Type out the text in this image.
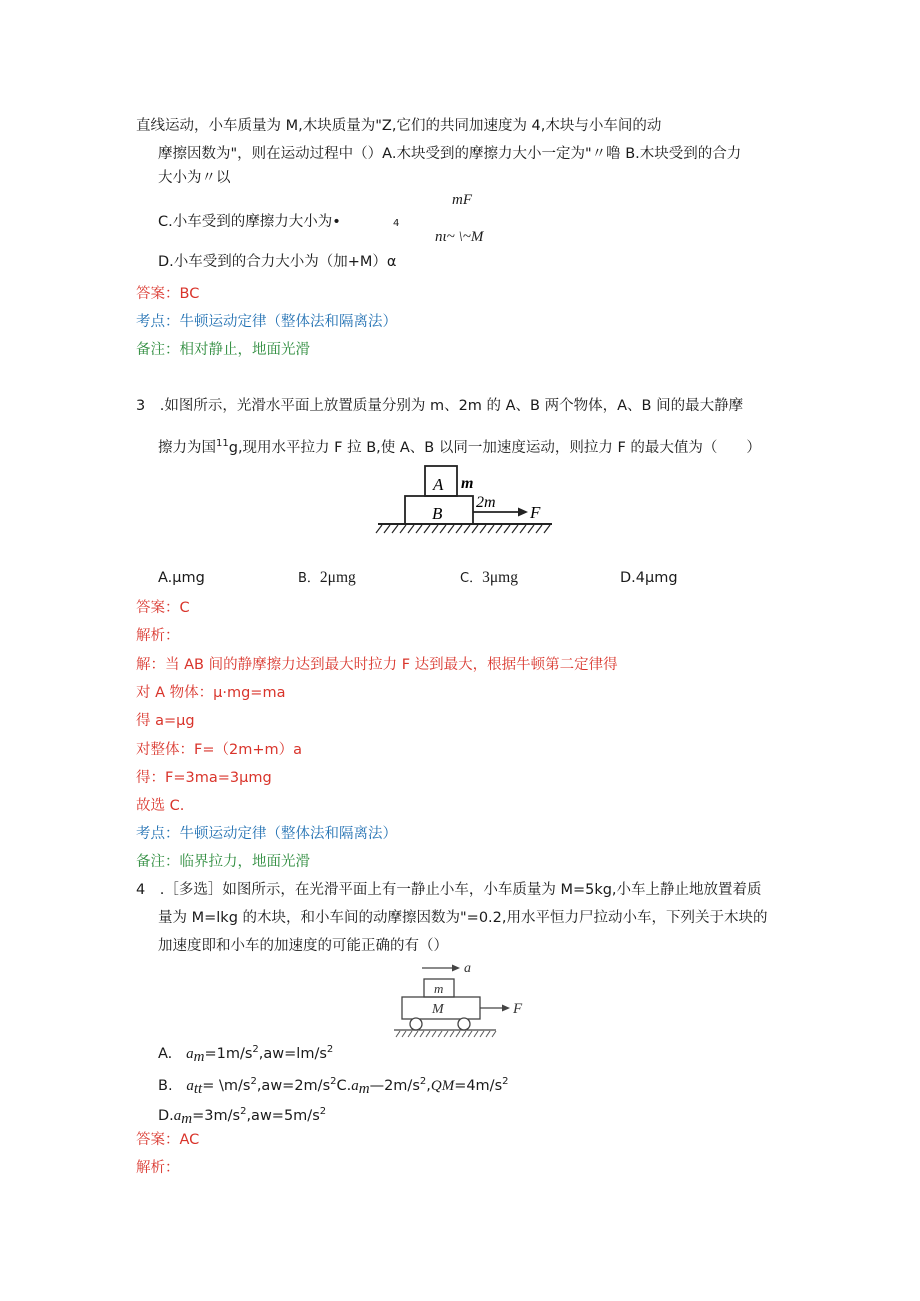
直线运动，小车质量为 M,木块质量为"Z,它们的共同加速度为 4,木块与小车间的动
摩擦因数为"，则在运动过程中（）A.木块受到的摩擦力大小一定为"〃噜 B.木块受到的合力
大小为〃以
mF
C.小车受到的摩擦力大小为•	4
nι~ \~M
D.小车受到的合力大小为（加+M）α
答案：BC
考点：牛顿运动定律（整体法和隔离法）
备注：相对静止，地面光滑
3　.如图所示，光滑水平面上放置质量分别为 m、2m 的 A、B 两个物体，A、B 间的最大静摩
擦力为国$^{11}$g,现用水平拉力 F 拉 B,使 A、B 以同一加速度运动，则拉力 F 的最大值为（　　）
A m
B
2m
F
A.μmg	B．2μmg	C．3μmg	D.4μmg
答案：C
解析：
解：当 AB 间的静摩擦力达到最大时拉力 F 达到最大，根据牛顿第二定律得
对 A 物体：μ·mg=ma
得 a=μg
对整体：F=（2m+m）a
得：F=3ma=3μmg
故选 C.
考点：牛顿运动定律（整体法和隔离法）
备注：临界拉力，地面光滑
4　.［多选］如图所示，在光滑平面上有一静止小车，小车质量为 M=5kg,小车上静止地放置着质
量为 M=lkg 的木块，和小车间的动摩擦因数为"=0.2,用水平恒力尸拉动小车，下列关于木块的
加速度即和小车的加速度的可能正确的有（）
a
m
M	F
A. $a_m=1m∕s^2,aw=lm∕s^2$
B. $a_{tt}=$ $\backslash m∕s^2,aw=2m∕s^2C.a_m—2m∕s^2,QM=4m∕s^2$
$D.a_m=3m∕s^2,aw=5m∕s^2$
答案：AC
解析：
